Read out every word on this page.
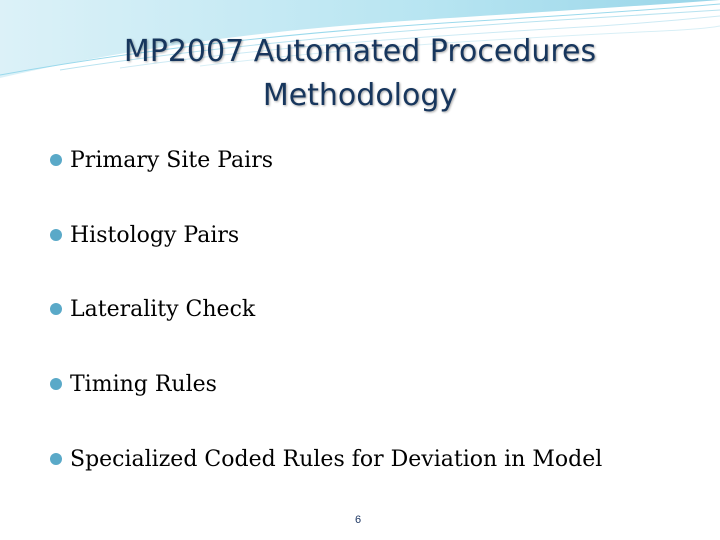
MP2007 Automated Procedures Methodology
Primary Site Pairs
Histology Pairs
Laterality Check
Timing Rules
Specialized Coded Rules for Deviation in Model
6
